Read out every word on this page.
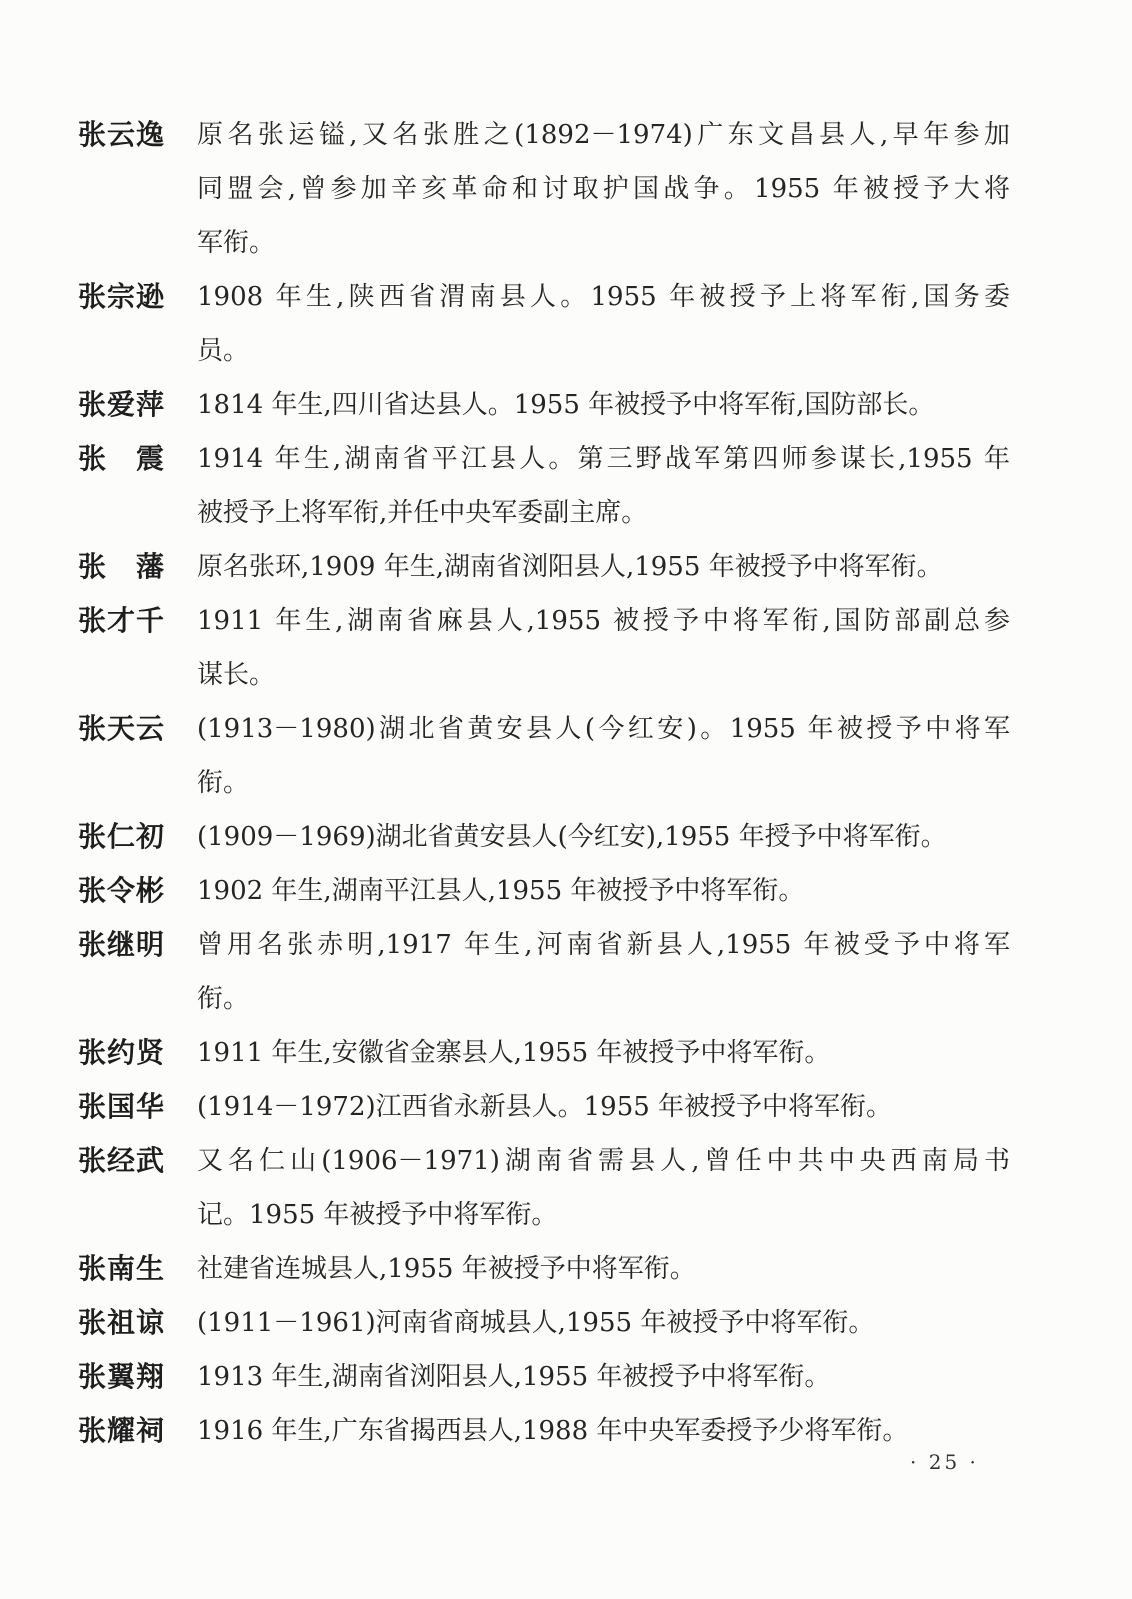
张云逸	原名张运镒,又名张胜之(1892－1974)广东文昌县人,早年参加
同盟会,曾参加辛亥革命和讨取护国战争。1955 年被授予大将
军衔。
张宗逊	1908 年生,陕西省渭南县人。1955 年被授予上将军衔,国务委
员。
张爱萍	1814 年生,四川省达县人。1955 年被授予中将军衔,国防部长。
张　震	1914 年生,湖南省平江县人。第三野战军第四师参谋长,1955 年
被授予上将军衔,并任中央军委副主席。
张　藩	原名张环,1909 年生,湖南省浏阳县人,1955 年被授予中将军衔。
张才千	1911 年生,湖南省麻县人,1955 被授予中将军衔,国防部副总参
谋长。
张天云	(1913－1980)湖北省黄安县人(今红安)。1955 年被授予中将军
衔。
张仁初	(1909－1969)湖北省黄安县人(今红安),1955 年授予中将军衔。
张令彬	1902 年生,湖南平江县人,1955 年被授予中将军衔。
张继明	曾用名张赤明,1917 年生,河南省新县人,1955 年被受予中将军
衔。
张约贤	1911 年生,安徽省金寨县人,1955 年被授予中将军衔。
张国华	(1914－1972)江西省永新县人。1955 年被授予中将军衔。
张经武	又名仁山(1906－1971)湖南省需县人,曾任中共中央西南局书
记。1955 年被授予中将军衔。
张南生	社建省连城县人,1955 年被授予中将军衔。
张祖谅	(1911－1961)河南省商城县人,1955 年被授予中将军衔。
张翼翔	1913 年生,湖南省浏阳县人,1955 年被授予中将军衔。
张耀祠	1916 年生,广东省揭西县人,1988 年中央军委授予少将军衔。
· 25 ·
